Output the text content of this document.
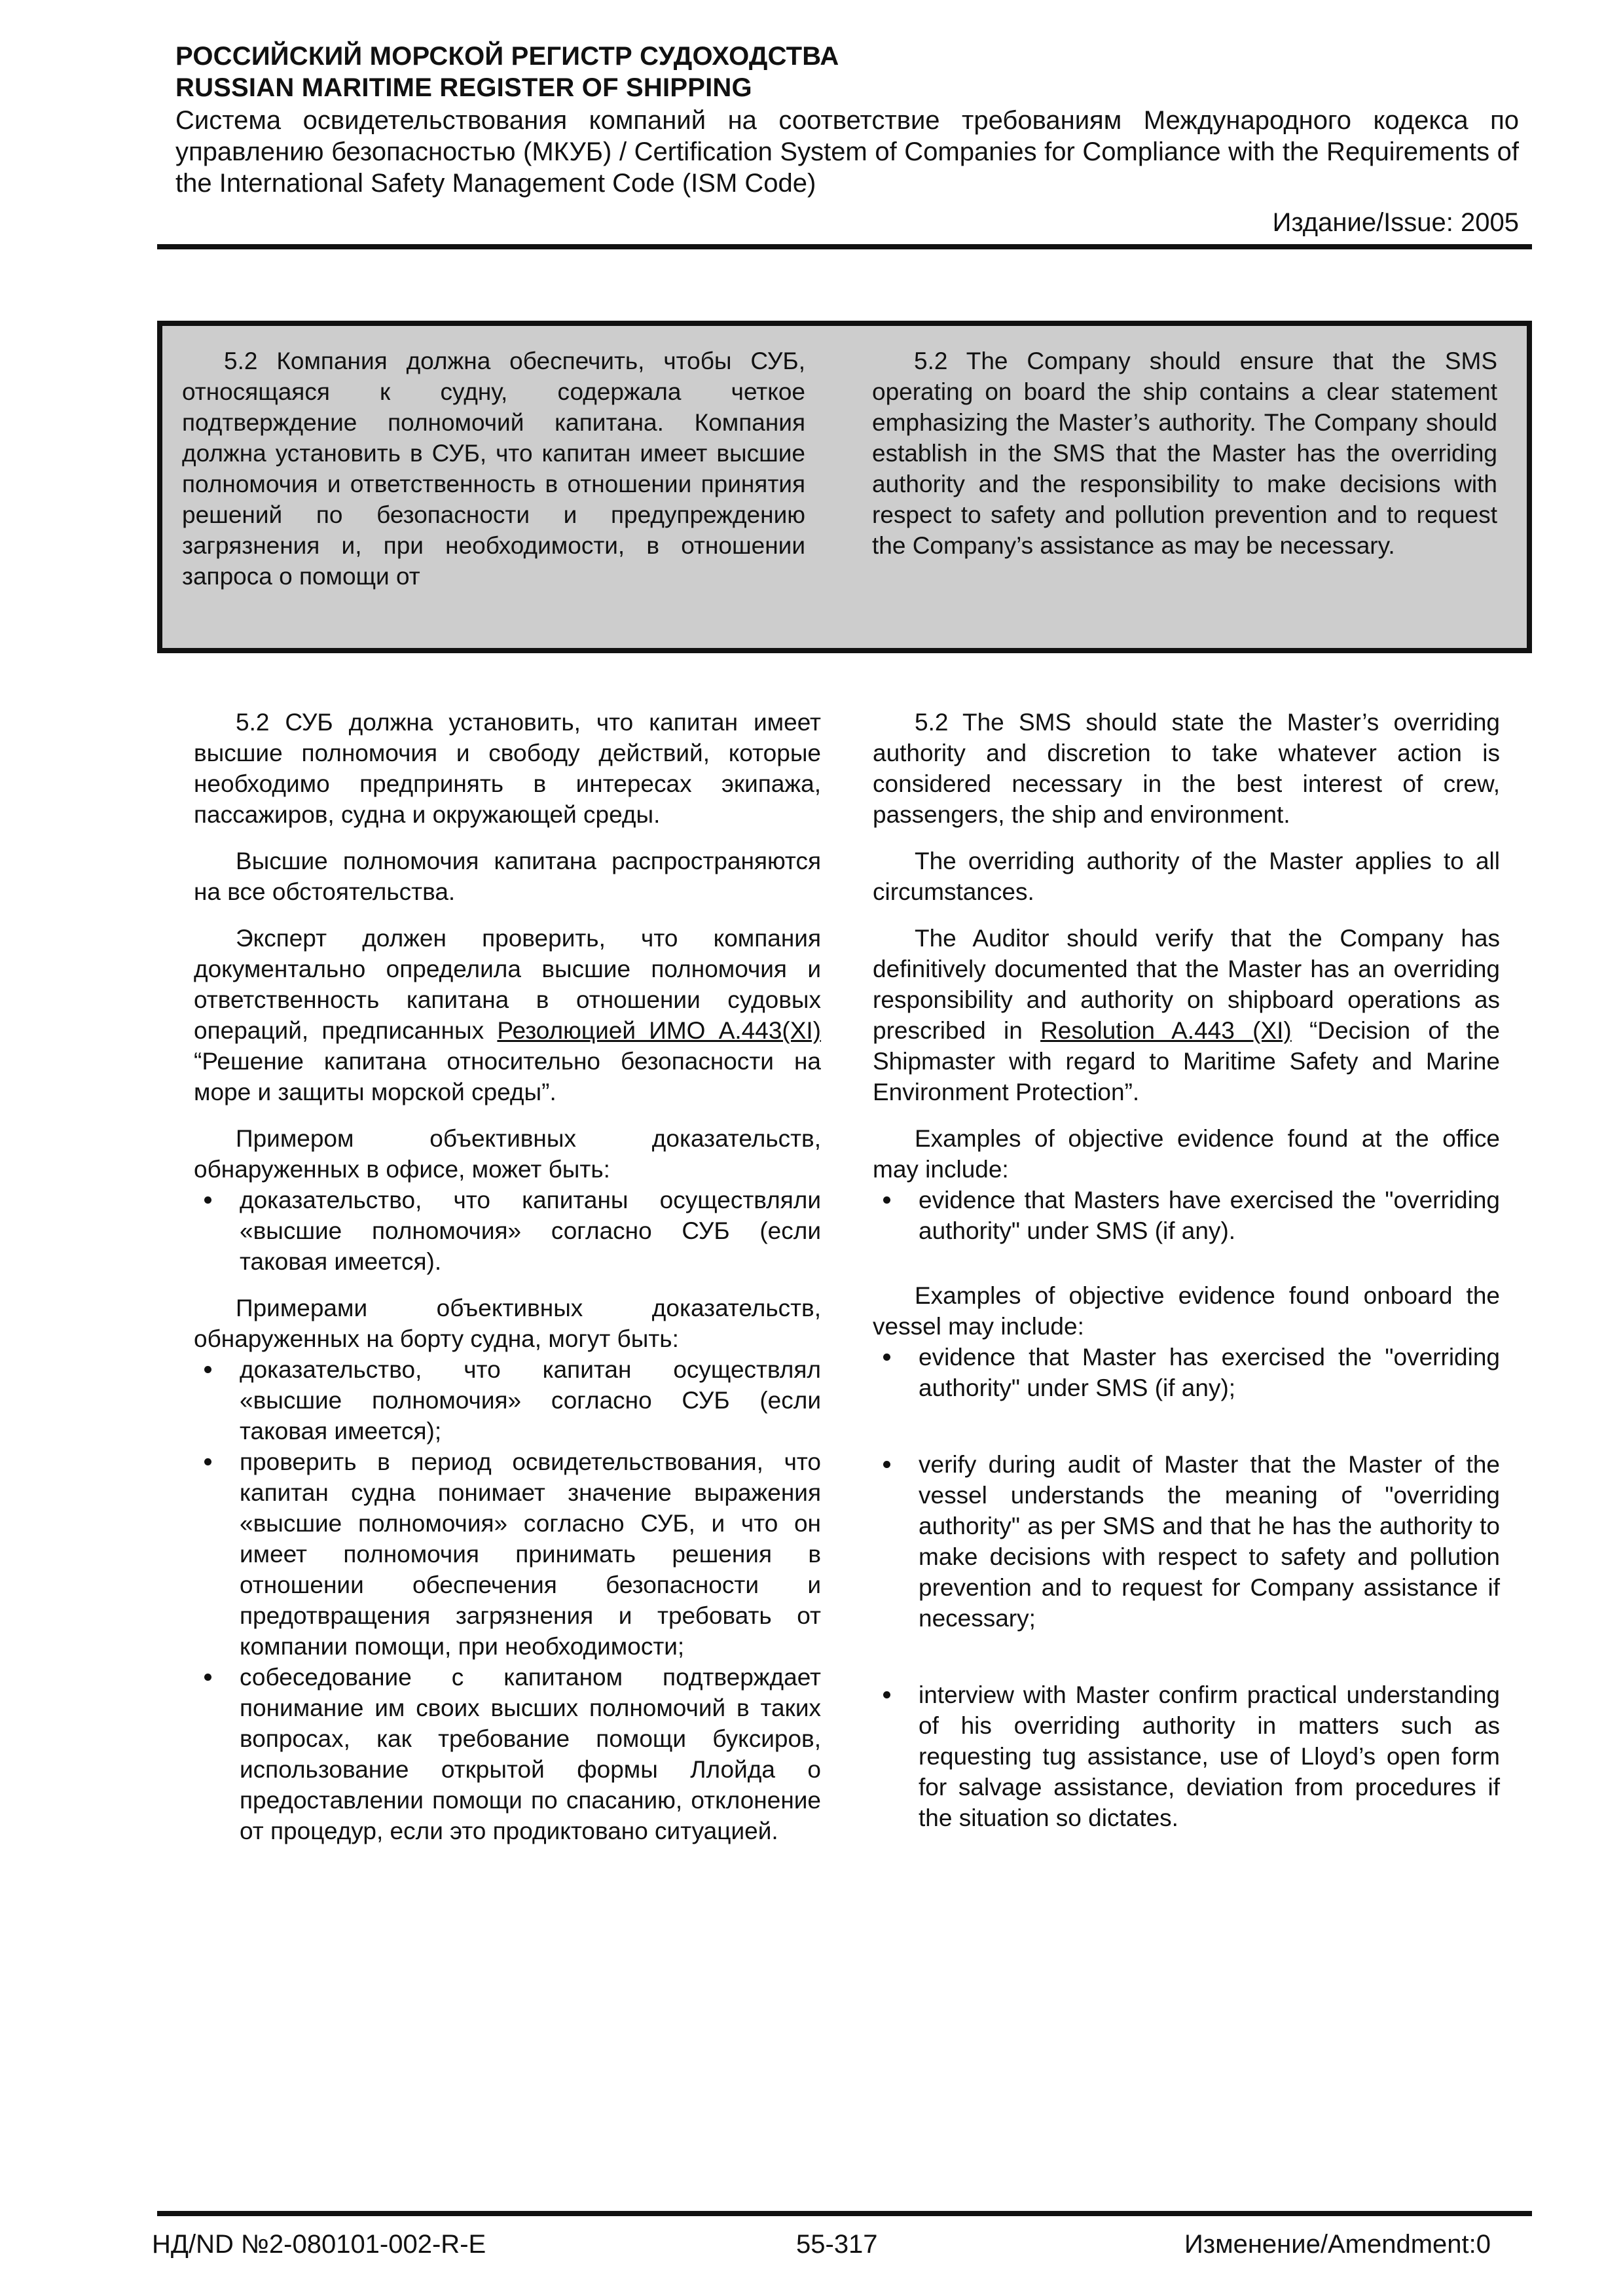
РОССИЙСКИЙ МОРСКОЙ РЕГИСТР СУДОХОДСТВА
RUSSIAN MARITIME REGISTER OF SHIPPING
Система освидетельствования компаний на соответствие требованиям Международного кодекса по управлению безопасностью (МКУБ) / Certification System of Companies for Compliance with the Requirements of the International Safety Management Code (ISM Code)
Издание/Issue: 2005

5.2 Компания должна обеспечить, чтобы СУБ, относящаяся к судну, содержала четкое подтверждение полномочий капитана. Компания должна установить в СУБ, что капитан имеет высшие полномочия и ответственность в отношении принятия решений по безопасности и предупреждению загрязнения и, при необходимости, в отношении запроса о помощи от

5.2 The Company should ensure that the SMS operating on board the ship contains a clear statement emphasizing the Master’s authority. The Company should establish in the SMS that the Master has the overriding authority and the responsibility to make decisions with respect to safety and pollution prevention and to request the Company’s assistance as may be necessary.

5.2 СУБ должна установить, что капитан имеет высшие полномочия и свободу действий, которые необходимо предпринять в интересах экипажа, пассажиров, судна и окружающей среды.

Высшие полномочия капитана распространяются на все обстоятельства.

Эксперт должен проверить, что компания документально определила высшие полномочия и ответственность капитана в отношении судовых операций, предписанных Резолюцией ИМО А.443(XI) “Решение капитана относительно безопасности на море и защиты морской среды”.

Примером объективных доказательств, обнаруженных в офисе, может быть:

доказательство, что капитаны осуществляли «высшие полномочия» согласно СУБ (если таковая имеется).

Примерами объективных доказательств, обнаруженных на борту судна, могут быть:

доказательство, что капитан осуществлял «высшие полномочия» согласно СУБ (если таковая имеется);
проверить в период освидетельствования, что капитан судна понимает значение выражения «высшие полномочия» согласно СУБ, и что он имеет полномочия принимать решения в отношении обеспечения безопасности и предотвращения загрязнения и требовать от компании помощи, при необходимости;
собеседование с капитаном подтверждает понимание им своих высших полномочий в таких вопросах, как требование помощи буксиров, использование открытой формы Ллойда о предоставлении помощи по спасанию, отклонение от процедур, если это продиктовано ситуацией.

5.2 The SMS should state the Master’s overriding authority and discretion to take whatever action is considered necessary in the best interest of crew, passengers, the ship and environment.

The overriding authority of the Master applies to all circumstances.

The Auditor should verify that the Company has definitively documented that the Master has an overriding responsibility and authority on shipboard operations as prescribed in Resolution A.443 (XI) “Decision of the Shipmaster with regard to Maritime Safety and Marine Environment Protection”.

Examples of objective evidence found at the office may include:

evidence that Masters have exercised the "overriding authority" under SMS (if any).

Examples of objective evidence found onboard the vessel may include:

evidence that Master has exercised the "overriding authority" under SMS (if any);
verify during audit of Master that the Master of the vessel understands the meaning of "overriding authority" as per SMS and that he has the authority to make decisions with respect to safety and pollution prevention and to request for Company assistance if necessary;
interview with Master confirm practical understanding of his overriding authority in matters such as requesting tug assistance, use of Lloyd’s open form for salvage assistance, deviation from procedures if the situation so dictates.
НД/ND №2-080101-002-R-E	55-317	Изменение/Amendment:0
